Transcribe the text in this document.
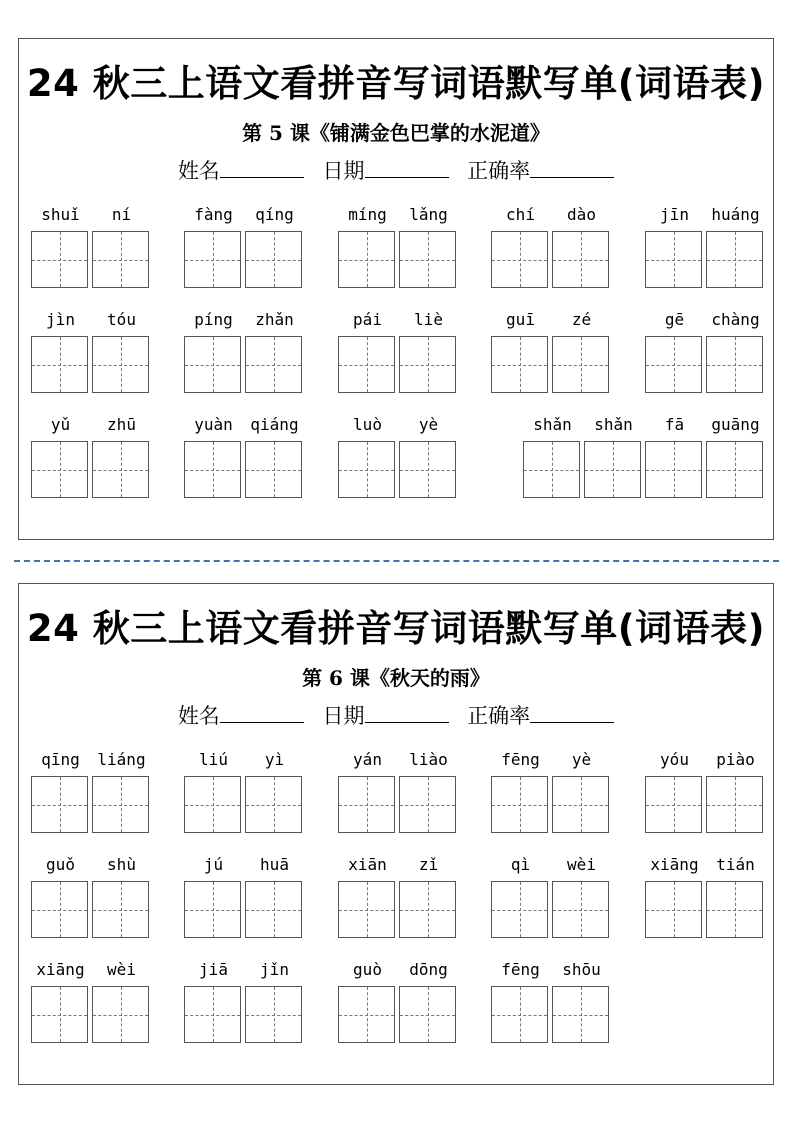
24 秋三上语文看拼音写词语默写单(词语表)
第 5 课《铺满金色巴掌的水泥道》
姓名	日期	正确率
shuǐ	ní	fàng	qíng	míng	lǎng	chí	dào	jīn	huáng
jìn	tóu	píng	zhǎn	pái	liè	guī	zé	gē	chàng
yǔ	zhū	yuàn	qiáng	luò	yè	shǎn	shǎn	fā	guāng
24 秋三上语文看拼音写词语默写单(词语表)
第 6 课《秋天的雨》
姓名	日期	正确率
qīng	liáng	liú	yì	yán	liào	fēng	yè	yóu	piào
guǒ	shù	jú	huā	xiān	zǐ	qì	wèi	xiāng	tián
xiāng	wèi	jiā	jǐn	guò	dōng	fēng	shōu
